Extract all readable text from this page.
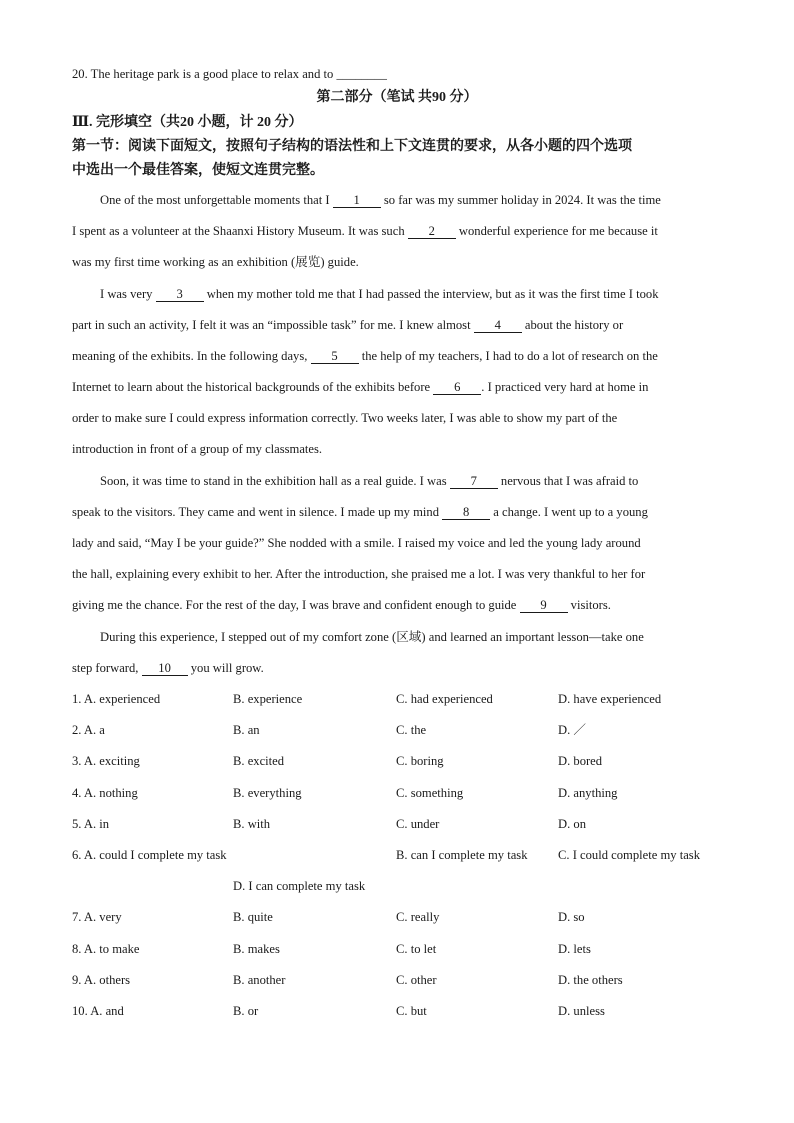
20. The heritage park is a good place to relax and to ________
第二部分（笔试 共90 分）
Ⅲ. 完形填空（共20 小题，计 20 分）
第一节：阅读下面短文，按照句子结构的语法性和上下文连贯的要求，从各小题的四个选项
中选出一个最佳答案，使短文连贯完整。
One of the most unforgettable moments that I 1 so far was my summer holiday in 2024. It was the time
I spent as a volunteer at the Shaanxi History Museum. It was such 2 wonderful experience for me because it
was my first time working as an exhibition (展览) guide.
I was very 3 when my mother told me that I had passed the interview, but as it was the first time I took
part in such an activity, I felt it was an “impossible task” for me. I knew almost 4 about the history or
meaning of the exhibits. In the following days, 5 the help of my teachers, I had to do a lot of research on the
Internet to learn about the historical backgrounds of the exhibits before 6 . I practiced very hard at home in
order to make sure I could express information correctly. Two weeks later, I was able to show my part of the
introduction in front of a group of my classmates.
Soon, it was time to stand in the exhibition hall as a real guide. I was 7 nervous that I was afraid to
speak to the visitors. They came and went in silence. I made up my mind 8 a change. I went up to a young
lady and said, “May I be your guide?” She nodded with a smile. I raised my voice and led the young lady around
the hall, explaining every exhibit to her. After the introduction, she praised me a lot. I was very thankful to her for
giving me the chance. For the rest of the day, I was brave and confident enough to guide 9 visitors.
During this experience, I stepped out of my comfort zone (区域) and learned an important lesson—take one
step forward, 10 you will grow.
1. A. experienced	B. experience	C. had experienced	D. have experienced
2. A. a	B. an	C. the	D. ／
3. A. exciting	B. excited	C. boring	D. bored
4. A. nothing	B. everything	C. something	D. anything
5. A. in	B. with	C. under	D. on
6. A. could I complete my task	B. can I complete my task C. I could complete my task
D. I can complete my task
7. A. very	B. quite	C. really	D. so
8. A. to make	B. makes	C. to let	D. lets
9. A. others	B. another	C. other	D. the others
10. A. and	B. or	C. but	D. unless
